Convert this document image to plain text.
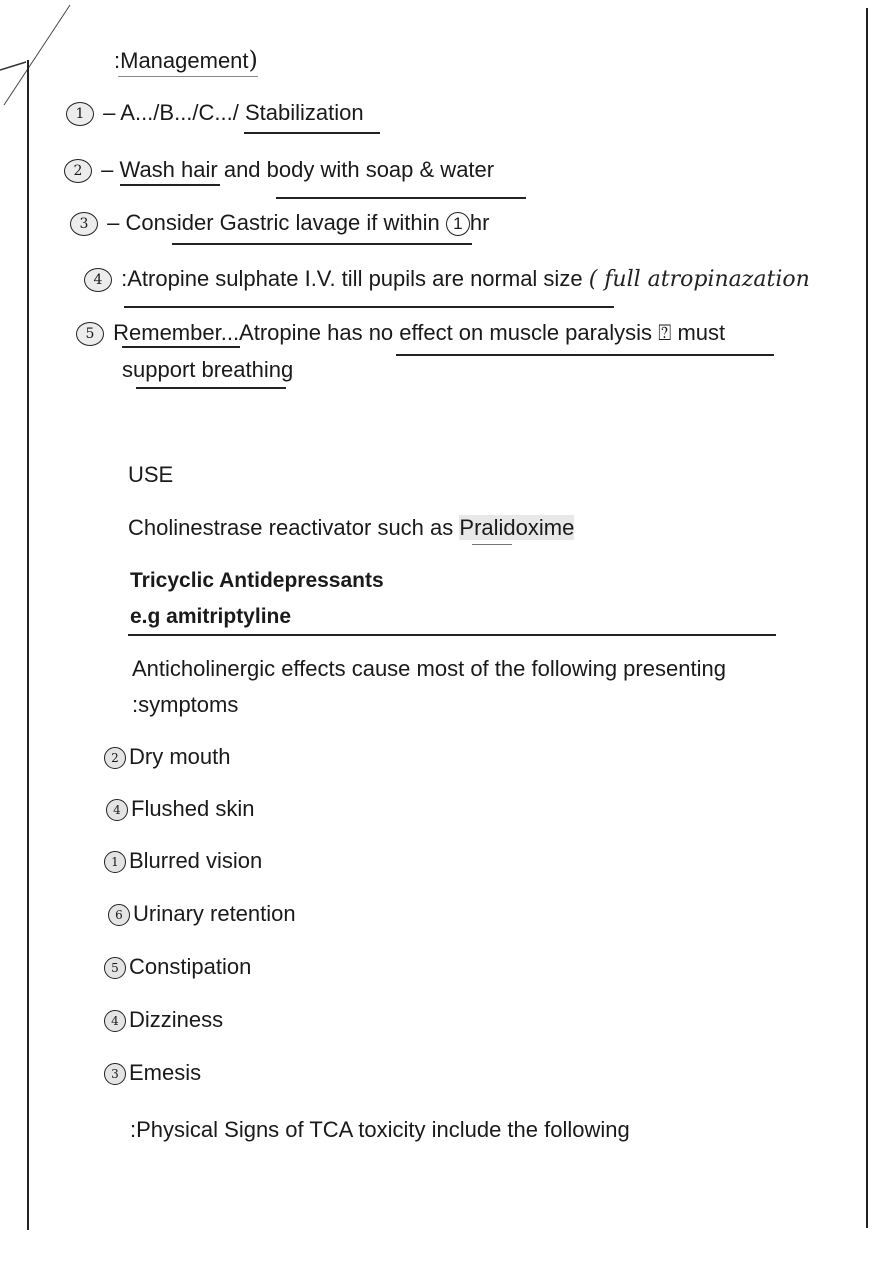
:Management)
1 – A.../B.../C.../ Stabilization
2 – Wash hair and body with soap & water
3 – Consider Gastric lavage if within 1 hr
4 :Atropine sulphate I.V. till pupils are normal size ( full atropinazation
5 Remember...Atropine has no effect on muscle paralysis ⍰ must
support breathing
USE
Cholinestrase reactivator such as Pralidoxime
Tricyclic Antidepressants
e.g amitriptyline
Anticholinergic effects cause most of the following presenting
:symptoms
2 Dry mouth
4 Flushed skin
1 Blurred vision
6 Urinary retention
5 Constipation
4 Dizziness
3 Emesis
:Physical Signs of TCA toxicity include the following
